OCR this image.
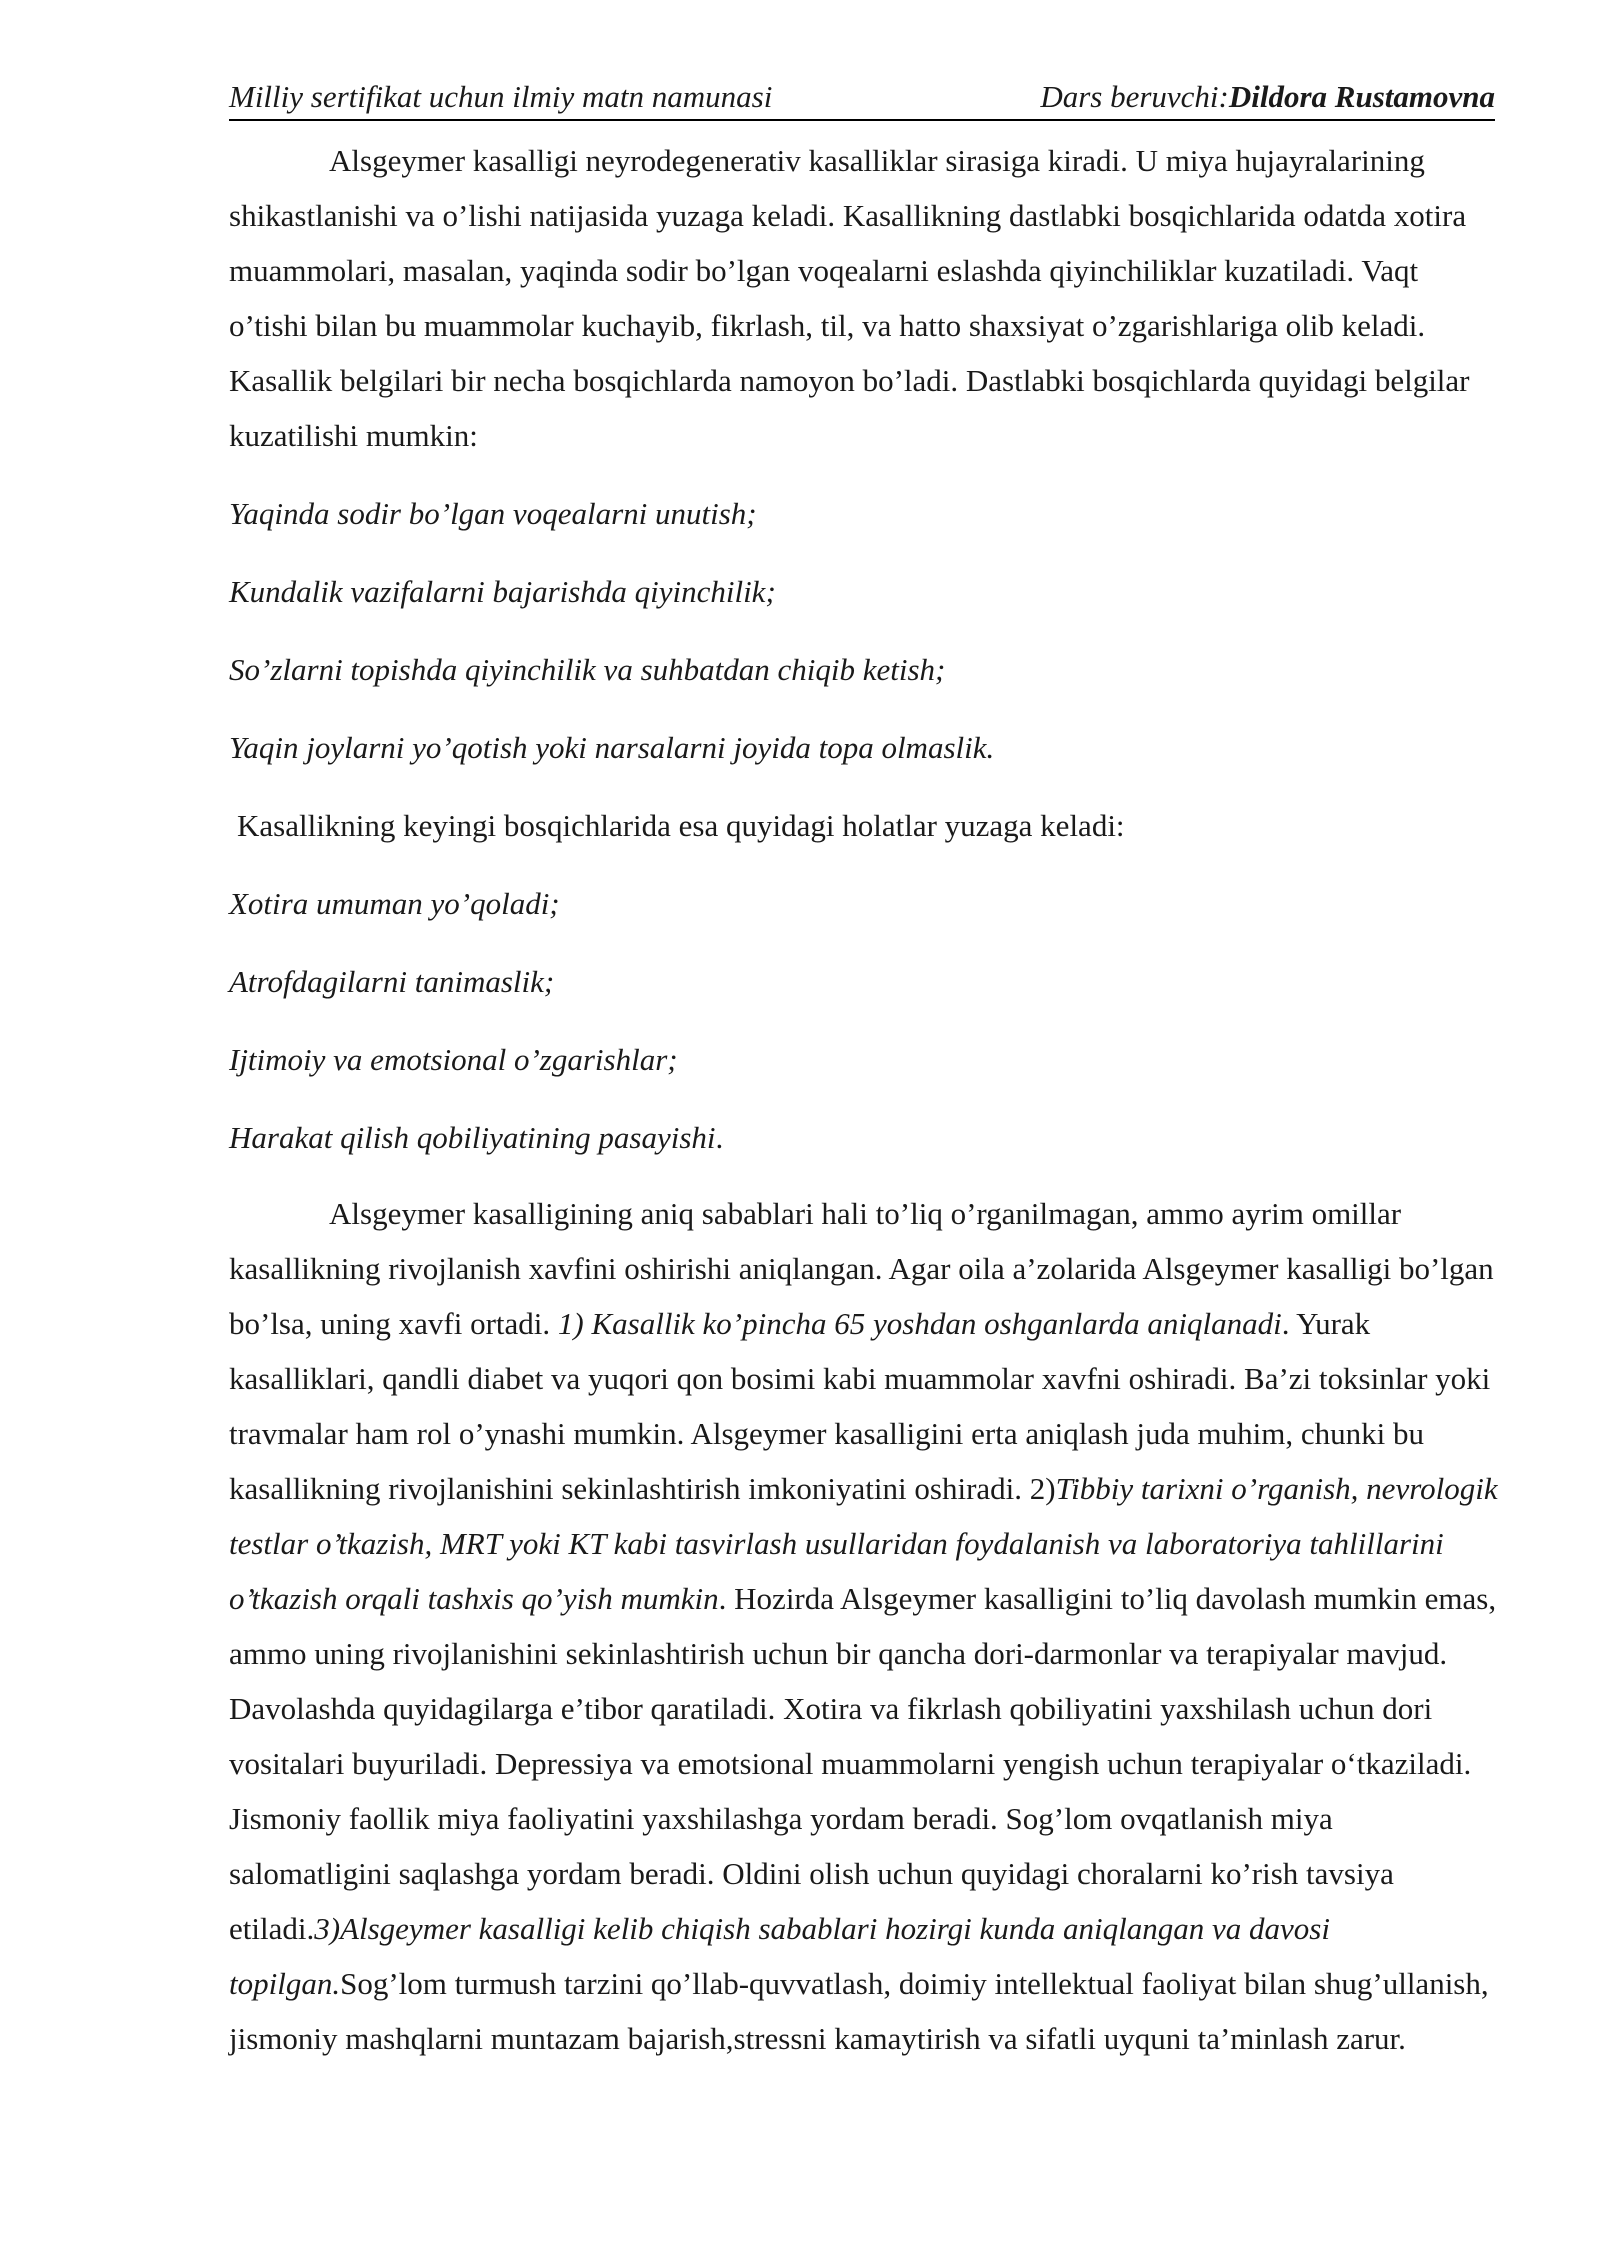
Milliy sertifikat uchun ilmiy matn namunasi	Dars beruvchi:Dildora Rustamovna

Alsgeymer kasalligi neyrodegenerativ kasalliklar sirasiga kiradi. U miya hujayralarining shikastlanishi va o’lishi natijasida yuzaga keladi. Kasallikning dastlabki bosqichlarida odatda xotira muammolari, masalan, yaqinda sodir bo’lgan voqealarni eslashda qiyinchiliklar kuzatiladi. Vaqt o’tishi bilan bu muammolar kuchayib, fikrlash, til, va hatto shaxsiyat o’zgarishlariga olib keladi. Kasallik belgilari bir necha bosqichlarda namoyon bo’ladi. Dastlabki bosqichlarda quyidagi belgilar kuzatilishi mumkin:

Yaqinda sodir bo’lgan voqealarni unutish;

Kundalik vazifalarni bajarishda qiyinchilik;

So’zlarni topishda qiyinchilik va suhbatdan chiqib ketish;

Yaqin joylarni yo’qotish yoki narsalarni joyida topa olmaslik.

Kasallikning keyingi bosqichlarida esa quyidagi holatlar yuzaga keladi:

Xotira umuman yo’qoladi;

Atrofdagilarni tanimaslik;

Ijtimoiy va emotsional o’zgarishlar;

Harakat qilish qobiliyatining pasayishi.

Alsgeymer kasalligining aniq sabablari hali to’liq o’rganilmagan, ammo ayrim omillar kasallikning rivojlanish xavfini oshirishi aniqlangan. Agar oila a’zolarida Alsgeymer kasalligi bo’lgan bo’lsa, uning xavfi ortadi. 1) Kasallik ko’pincha 65 yoshdan oshganlarda aniqlanadi. Yurak kasalliklari, qandli diabet va yuqori qon bosimi kabi muammolar xavfni oshiradi. Ba’zi toksinlar yoki travmalar ham rol o’ynashi mumkin. Alsgeymer kasalligini erta aniqlash juda muhim, chunki bu kasallikning rivojlanishini sekinlashtirish imkoniyatini oshiradi. 2)Tibbiy tarixni o’rganish, nevrologik testlar o’tkazish, MRT yoki KT kabi tasvirlash usullaridan foydalanish va laboratoriya tahlillarini o’tkazish orqali tashxis qo’yish mumkin. Hozirda Alsgeymer kasalligini to’liq davolash mumkin emas, ammo uning rivojlanishini sekinlashtirish uchun bir qancha dori-darmonlar va terapiyalar mavjud. Davolashda quyidagilarga e’tibor qaratiladi. Xotira va fikrlash qobiliyatini yaxshilash uchun dori vositalari buyuriladi. Depressiya va emotsional muammolarni yengish uchun terapiyalar o‘tkaziladi. Jismoniy faollik miya faoliyatini yaxshilashga yordam beradi. Sog’lom ovqatlanish miya salomatligini saqlashga yordam beradi. Oldini olish uchun quyidagi choralarni ko’rish tavsiya etiladi.3)Alsgeymer kasalligi kelib chiqish sabablari hozirgi kunda aniqlangan va davosi topilgan.Sog’lom turmush tarzini qo’llab-quvvatlash, doimiy intellektual faoliyat bilan shug’ullanish, jismoniy mashqlarni muntazam bajarish,stressni kamaytirish va sifatli uyquni ta’minlash zarur.
